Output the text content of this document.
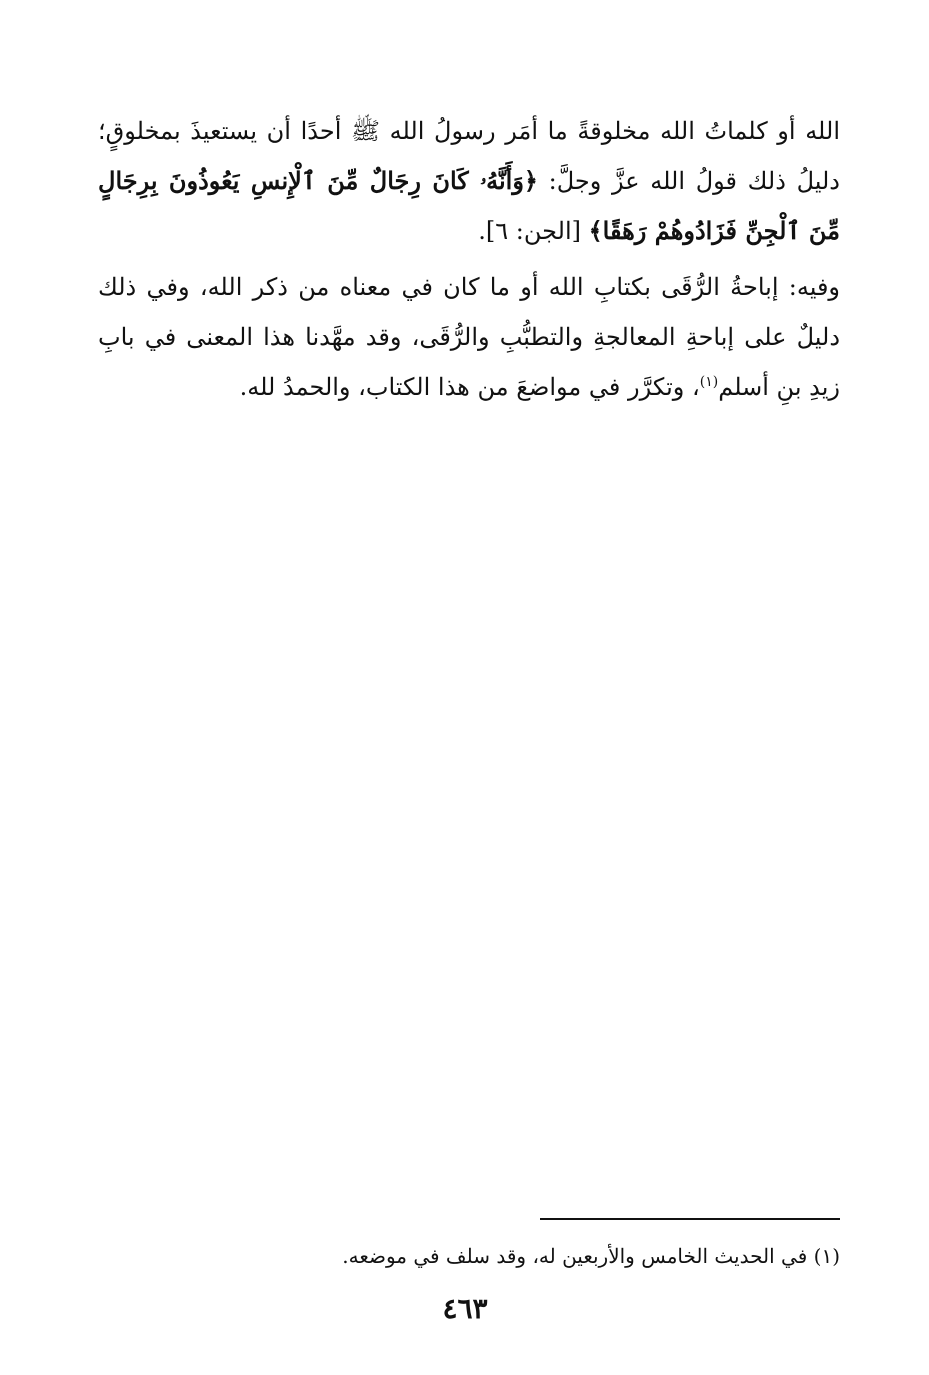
الله أو كلماتُ الله مخلوقةً ما أمَر رسولُ الله ﷺ أحدًا أن يستعيذَ بمخلوقٍ؛ دليلُ ذلك قولُ الله عزَّ وجلَّ: ﴿وَأَنَّهُۥ كَانَ رِجَالٌ مِّنَ ٱلْإِنسِ يَعُوذُونَ بِرِجَالٍ مِّنَ ٱلْجِنِّ فَزَادُوهُمْ رَهَقًا﴾ [الجن: ٦].

وفيه: إباحةُ الرُّقَى بكتابِ الله أو ما كان في معناه من ذكر الله، وفي ذلك دليلٌ على إباحةِ المعالجةِ والتطبُّبِ والرُّقَى، وقد مهَّدنا هذا المعنى في بابِ زيدِ بنِ أسلم$^{(١)}$، وتكرَّر في مواضعَ من هذا الكتاب، والحمدُ لله.

(١) في الحديث الخامس والأربعين له، وقد سلف في موضعه.
٤٦٣
